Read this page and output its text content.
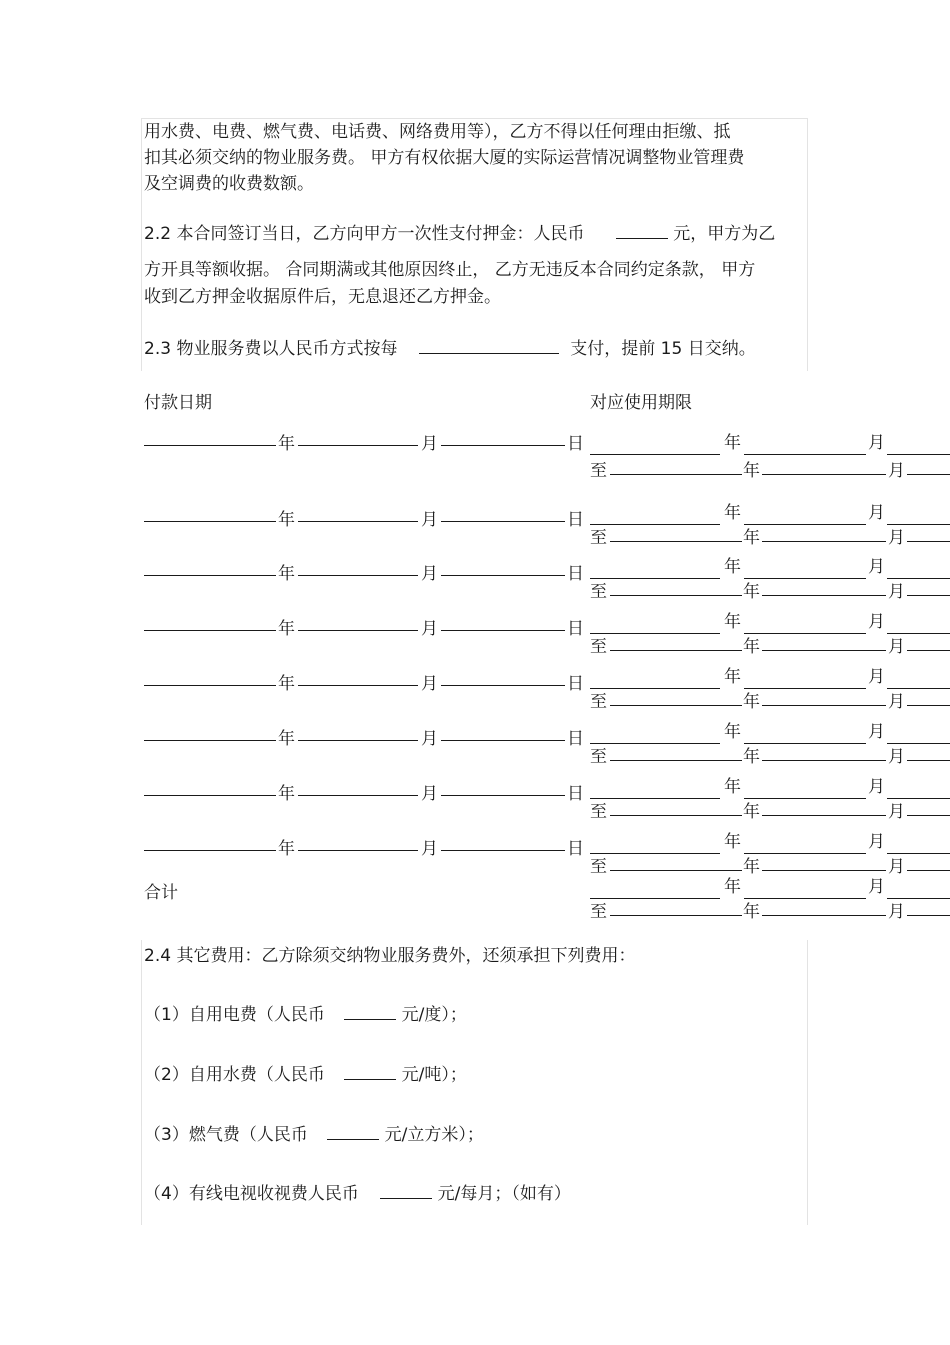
用水费、电费、燃气费、电话费、网络费用等），乙方不得以任何理由拒缴、抵
扣其必须交纳的物业服务费。 甲方有权依据大厦的实际运营情况调整物业管理费
及空调费的收费数额。
2.2 本合同签订当日，乙方向甲方一次性支付押金：人民币	元，甲方为乙
方开具等额收据。 合同期满或其他原因终止， 乙方无违反本合同约定条款， 甲方
收到乙方押金收据原件后，无息退还乙方押金。
2.3 物业服务费以人民币方式按每	支付，提前 15 日交纳。
付款日期	对应使用期限
年	月	日	年	月
至	年	月
年	月	日	年	月
至	年	月
年	月	日	年	月
至	年	月
年	月	日	年	月
至	年	月
年	月	日	年	月
至	年	月
年	月	日	年	月
至	年	月
年	月	日	年	月
至	年	月
年	月	日	年	月
至	年	月
合计	年	月
至	年	月
2.4 其它费用：乙方除须交纳物业服务费外，还须承担下列费用：
（1）自用电费（人民币	元/度）；
（2）自用水费（人民币	元/吨）；
（3）燃气费（人民币	元/立方米）；
（4）有线电视收视费人民币	元/每月；（如有）
